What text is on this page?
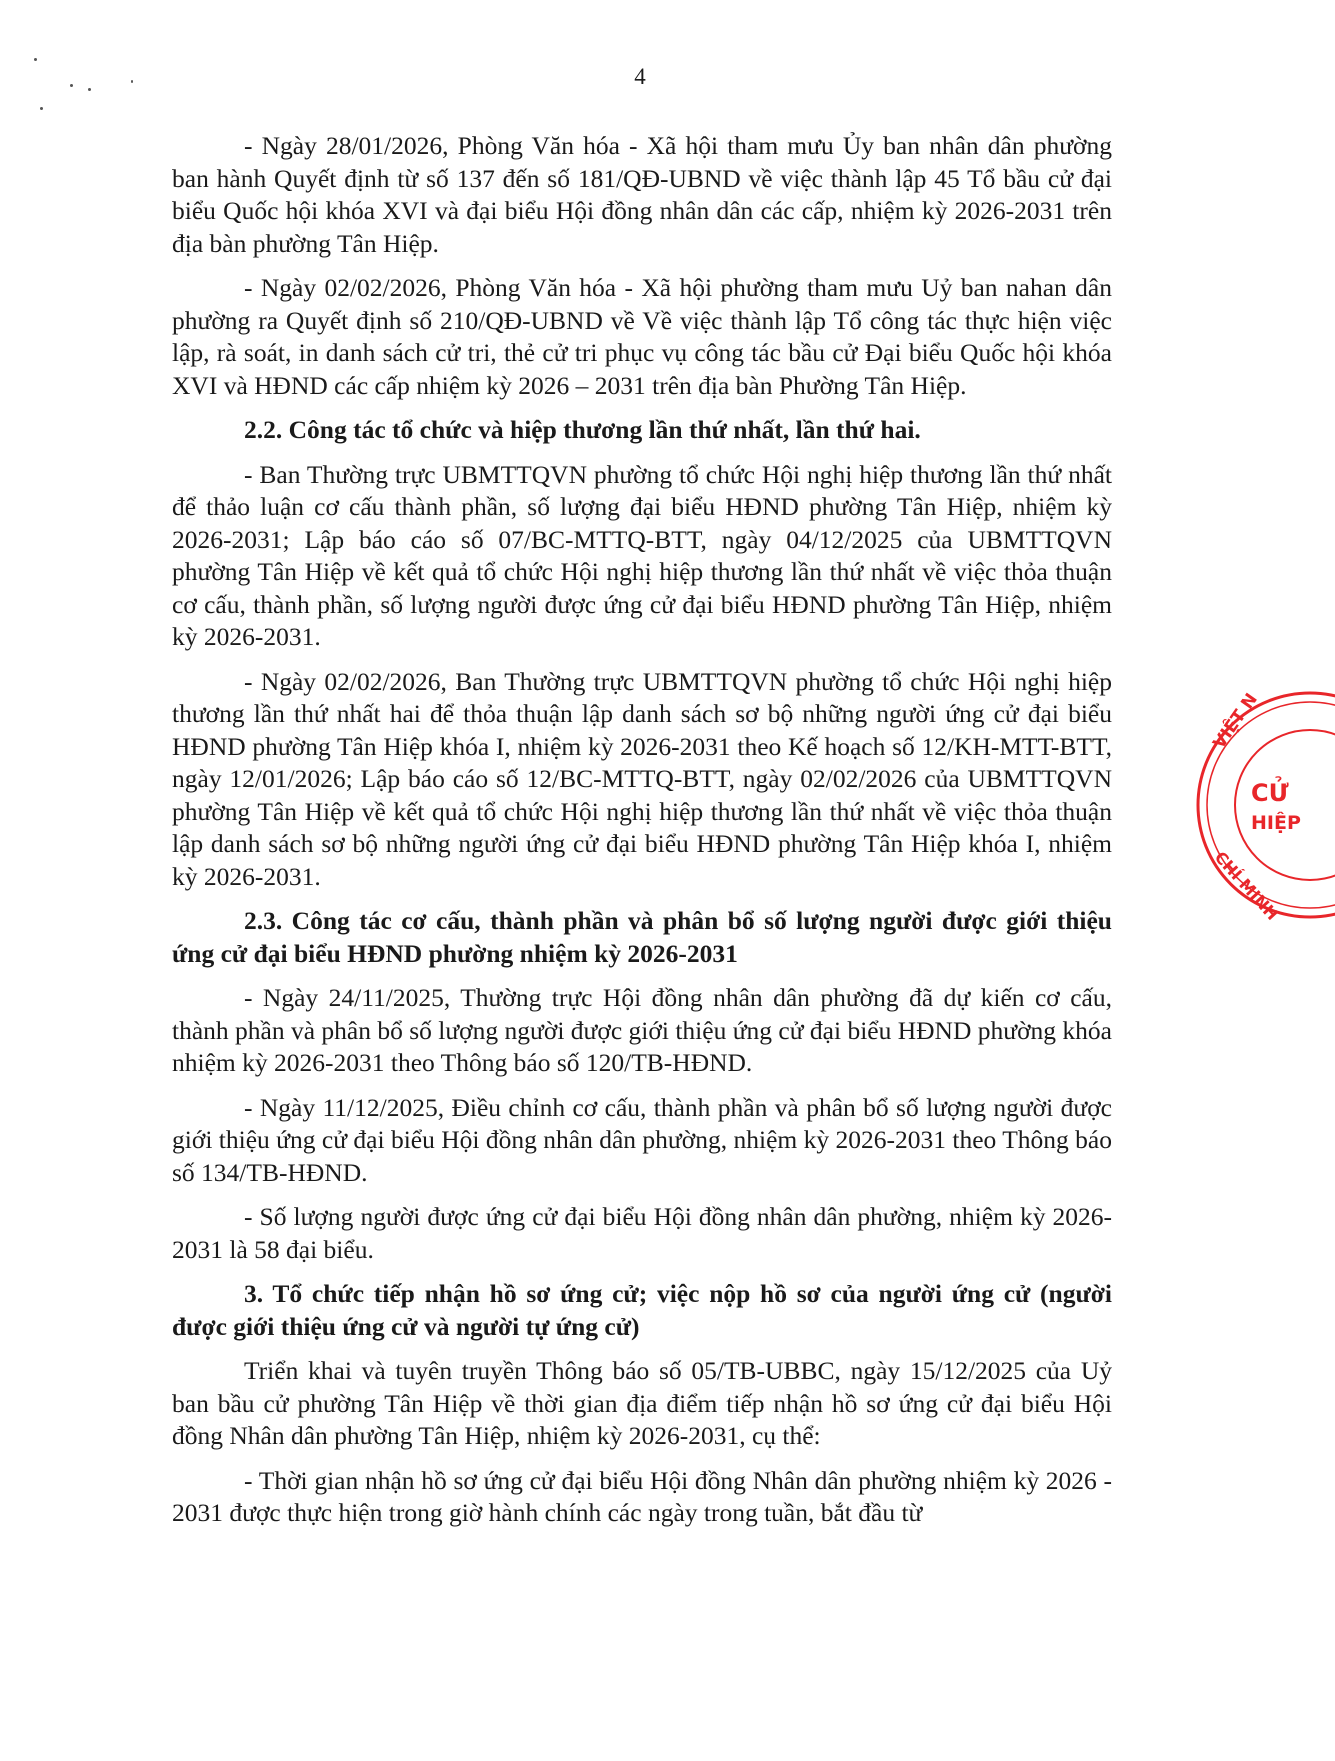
4

- Ngày 28/01/2026, Phòng Văn hóa - Xã hội tham mưu Ủy ban nhân dân phường ban hành Quyết định từ số 137 đến số 181/QĐ-UBND về việc thành lập 45 Tổ bầu cử đại biểu Quốc hội khóa XVI và đại biểu Hội đồng nhân dân các cấp, nhiệm kỳ 2026-2031 trên địa bàn phường Tân Hiệp.

- Ngày 02/02/2026, Phòng Văn hóa - Xã hội phường tham mưu Uỷ ban nahan dân phường ra Quyết định số 210/QĐ-UBND về Về việc thành lập Tổ công tác thực hiện việc lập, rà soát, in danh sách cử tri, thẻ cử tri phục vụ công tác bầu cử Đại biểu Quốc hội khóa XVI và HĐND các cấp nhiệm kỳ 2026 – 2031 trên địa bàn Phường Tân Hiệp.

2.2. Công tác tổ chức và hiệp thương lần thứ nhất, lần thứ hai.

- Ban Thường trực UBMTTQVN phường tổ chức Hội nghị hiệp thương lần thứ nhất để thảo luận cơ cấu thành phần, số lượng đại biểu HĐND phường Tân Hiệp, nhiệm kỳ 2026-2031; Lập báo cáo số 07/BC-MTTQ-BTT, ngày 04/12/2025 của UBMTTQVN phường Tân Hiệp về kết quả tổ chức Hội nghị hiệp thương lần thứ nhất về việc thỏa thuận cơ cấu, thành phần, số lượng người được ứng cử đại biểu HĐND phường Tân Hiệp, nhiệm kỳ 2026-2031.

- Ngày 02/02/2026, Ban Thường trực UBMTTQVN phường tổ chức Hội nghị hiệp thương lần thứ nhất hai để thỏa thuận lập danh sách sơ bộ những người ứng cử đại biểu HĐND phường Tân Hiệp khóa I, nhiệm kỳ 2026-2031 theo Kế hoạch số 12/KH-MTT-BTT, ngày 12/01/2026; Lập báo cáo số 12/BC-MTTQ-BTT, ngày 02/02/2026 của UBMTTQVN phường Tân Hiệp về kết quả tổ chức Hội nghị hiệp thương lần thứ nhất về việc thỏa thuận lập danh sách sơ bộ những người ứng cử đại biểu HĐND phường Tân Hiệp khóa I, nhiệm kỳ 2026-2031.

2.3. Công tác cơ cấu, thành phần và phân bổ số lượng người được giới thiệu ứng cử đại biểu HĐND phường nhiệm kỳ 2026-2031

- Ngày 24/11/2025, Thường trực Hội đồng nhân dân phường đã dự kiến cơ cấu, thành phần và phân bổ số lượng người được giới thiệu ứng cử đại biểu HĐND phường khóa nhiệm kỳ 2026-2031 theo Thông báo số 120/TB-HĐND.

- Ngày 11/12/2025, Điều chỉnh cơ cấu, thành phần và phân bổ số lượng người được giới thiệu ứng cử đại biểu Hội đồng nhân dân phường, nhiệm kỳ 2026-2031 theo Thông báo số 134/TB-HĐND.

- Số lượng người được ứng cử đại biểu Hội đồng nhân dân phường, nhiệm kỳ 2026-2031 là 58 đại biểu.

3. Tổ chức tiếp nhận hồ sơ ứng cử; việc nộp hồ sơ của người ứng cử (người được giới thiệu ứng cử và người tự ứng cử)

Triển khai và tuyên truyền Thông báo số 05/TB-UBBC, ngày 15/12/2025 của Uỷ ban bầu cử phường Tân Hiệp về thời gian địa điểm tiếp nhận hồ sơ ứng cử đại biểu Hội đồng Nhân dân phường Tân Hiệp, nhiệm kỳ 2026-2031, cụ thể:

- Thời gian nhận hồ sơ ứng cử đại biểu Hội đồng Nhân dân phường nhiệm kỳ 2026 - 2031 được thực hiện trong giờ hành chính các ngày trong tuần, bắt đầu từ

VIỆT N
CỬ
HIỆP
CHÍ MINH
